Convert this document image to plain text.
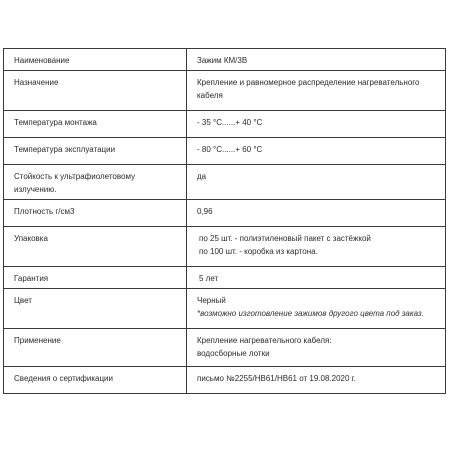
Наименование	Зажим КМ/3В
Назначение	Крепление и равномерное распределение нагревательного кабеля
Температура монтажа	- 35 °С......+ 40 °С
Температура эксплуатации	- 80 °С......+ 60 °С
Стойкость к ультрафиолетовому излучению.	да
Плотность г/см3	0,96
Упаковка	по 25 шт. - полиэтиленовый пакет с застёжкой
по 100 шт. - коробка из картона.

Гарантия	5 лет
Цвет	Черный
*возможно изготовление зажимов другого цвета под заказ.

Применение	Крепление нагревательного кабеля:
водосборные лотки

Сведения о сертификации	письмо №2255/НВ61/НВ61 от 19.08.2020 г.
